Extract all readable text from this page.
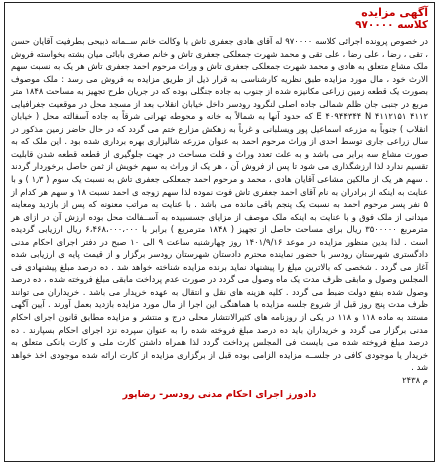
آگهی مزایده
کلاسه ۹۷۰۰۰۰

در خصوص پرونده اجرائی کلاسه ۹۷۰۰۰۰ له آقای هادی جعفری تاش با وکالت خانم ســمانه ذبیحی بطرفیت آقایان حسن ، تقی ، رضا ، علی رضا ، علی تقی و محمد شهرت جمعلکی جعفری تاش و خانم صغری بابائی میان بشته بخواسته فروش ملک مشاع متعلق به هادی و محمد شهرت جمعلکی جعفری تاش و وراث مرحوم احمد جعفری تاش هر یک به نسبت سهم الارث خود ، مال مورد مزایده طبق نظریه کارشناسی به قرار ذیل از طریق مزایده به فروش می رسد : ملک موصوف بصورت یک قطعه زمین زراعی مکانیزه شده از جنوب به جاده جنگلی بوده که در جریان طرح تجهیز به مساحت ۱۸۴۸ متر مربع در جنبی جان ظلم شمالی جاده اصلی لنگرود رودسر داخل خیابان انقلاب بعد از مسجد محل در موقعیت جغرافیایی E ۴۰۹۴۴۳۴۴ N ۴۱۱۲۱۵۱ ۴۱۱۲ که حدود آنها به شمالاً به خانه و محوطه تهرانی شرقاً به جاده آسفالته محل ( خیابان انقلاب ) جنوباً به مزرعه اسماعیل پور ویسلبانی و غرباً به زهکش مزارع ختم می گردد که در حال حاضر زمین مذکور در سال زراعی جاری توسط احدی از وراث مرحوم احمد به عنوان مزرعه شالیزاری بهره برداری شده بود . این ملک که به صورت مشاع سه برابر می باشد و به علت تعدد وراث و قلت مساحت در جهت جلوگیری از قطعه قطعه شدن قابلیت تقسیم ندارد لذا ارزشگذاری می شود تا پس از فروش آن ، هر یک از وراث به سهم خویش از ثمن حاصل برخوردار گردند . سهم هر یک از مالکین مشاعی آقایان هادی ، محمد و مرحوم احمد جمعلکی جعفری تاش به نسبت یک سوم ( ۱٫۳ ) و با عنایت به اینکه از برادران به نام آقای احمد جعفری تاش فوت نموده لذا سهم زوجه ی احمد نسبت ۱۸ و سهم هر کدام از ۵ نفر پسر مرحوم احمد به نسبت یک پنجم باقی مانده می باشد . با عنایت به مراتب معنونه که پس از بازدید ومعاینه میدانی از ملک فوق و با عنایت به اینکه ملک موصف از مزایای جسسبیده به آســفالت محل بوده ارزش آن در ازای هر مترمربع ۳۵۰۰۰۰۰ ریال برای مساحت حاصل از تجهیز ( ۱۸۴۸ مترمربع ) برابر با ۶،۴۶۸،۰۰۰،۰۰۰ ریال ارزیابی گردیده است . لذا بدین منظور مزایده در موعد ۱۴۰۱/۹/۱۶ روز چهارشنبه ساعت ۹ الی ۱۰ صبح در دفتر اجرای احکام مدنی دادگستری شهرستان رودسر با حضور نماینده محترم دادستان شهرستان رودسر برگزار و از قیمت پایه ی ارزیابی شده آغاز می گردد . شخصی که بالاترین مبلغ را پیشنهاد نماید برنده مزایده شناخته خواهد شد . ده درصد مبلغ پیشنهادی فی المجلس وصول و مابقی ظرف مدت یک ماه وصول می گردد در صورت عدم پرداخت مابقی مبلغ فروخته شده ، ده درصد وصول شده بنفع دولت ضبط می گردد . کلیه هزینه های نقل و انتقال به عهده خریدار می باشد . خریداران می توانند ظرف مدت پنج روز قبل از شروع جلسه مزایده با هماهنگی این اجرا از مال مورد مزایده بازدید بعمل آورند . آیین آگهی مستند به ماده ۱۱۸ و ۱۱۸ در یکی از روزنامه های کثیرالانتشار محلی درج و منتشر و مزایده مطابق قانون اجرای احکام مدنی برگزار می گردد و خریداران باید ده درصد مبلغ فروخته شده را به عنوان سپرده نزد اجرای احکام بسپارند . ده درصد مبلغ فروخته شده می بایست فی المجلس پرداخت گردد لذا همراه داشتن کارت ملی و کارت بانکی متعلق به خریدار یا موجودی کافی در جلســه مزایده الزامی بوده قبل از برگزاری مزایده از کارت ارائه شده موجودی اخذ خواهد شد .

م ۲۴۳۸
دادورز اجرای احکام مدنی رودسر- رضاپور
